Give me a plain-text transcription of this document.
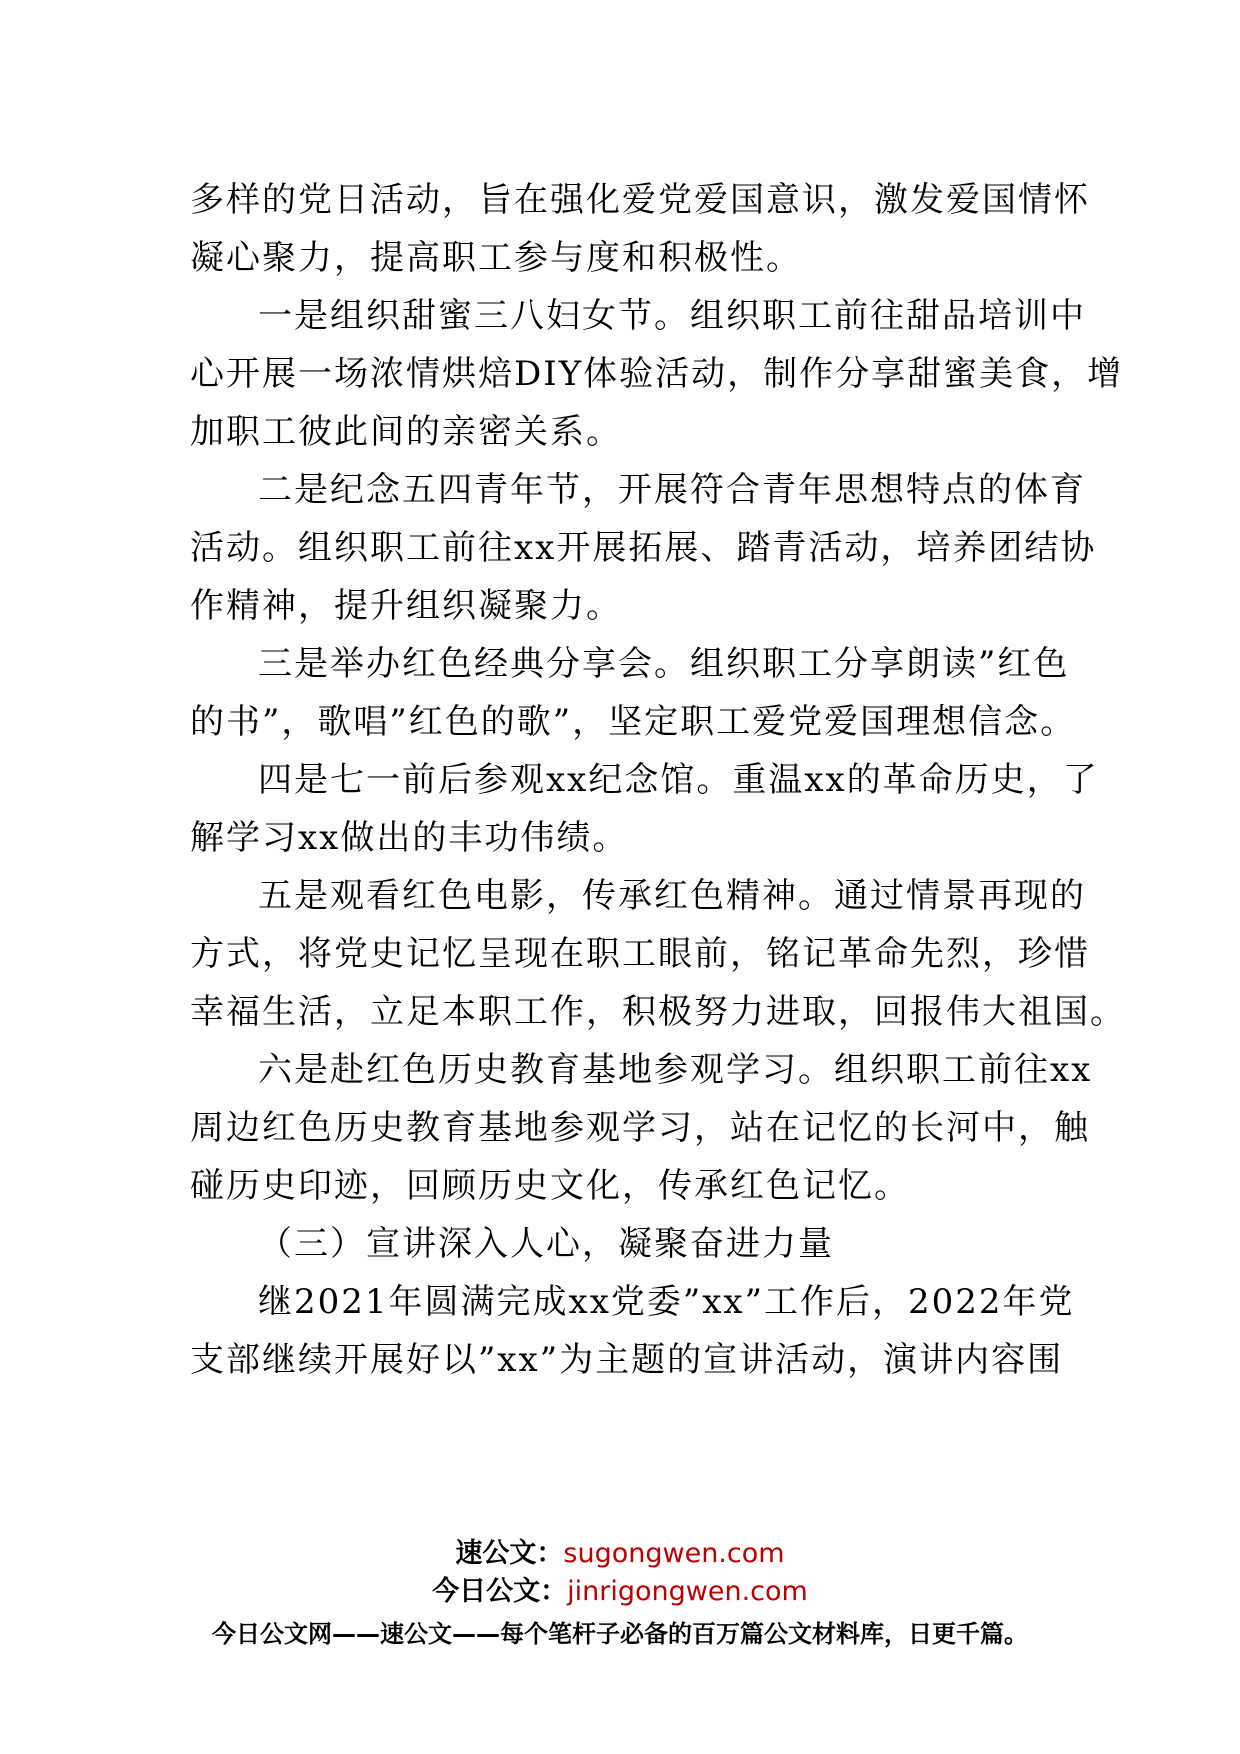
多样的党日活动，旨在强化爱党爱国意识，激发爱国情怀
凝心聚力，提高职工参与度和积极性。
一是组织甜蜜三八妇女节。组织职工前往甜品培训中
心开展一场浓情烘焙DIY体验活动，制作分享甜蜜美食，增
加职工彼此间的亲密关系。
二是纪念五四青年节，开展符合青年思想特点的体育
活动。组织职工前往xx开展拓展、踏青活动，培养团结协
作精神，提升组织凝聚力。
三是举办红色经典分享会。组织职工分享朗读”红色
的书”，歌唱”红色的歌”，坚定职工爱党爱国理想信念。
四是七一前后参观xx纪念馆。重温xx的革命历史，了
解学习xx做出的丰功伟绩。
五是观看红色电影，传承红色精神。通过情景再现的
方式，将党史记忆呈现在职工眼前，铭记革命先烈，珍惜
幸福生活，立足本职工作，积极努力进取，回报伟大祖国。
六是赴红色历史教育基地参观学习。组织职工前往xx
周边红色历史教育基地参观学习，站在记忆的长河中，触
碰历史印迹，回顾历史文化，传承红色记忆。
（三）宣讲深入人心，凝聚奋进力量
继2021年圆满完成xx党委”xx”工作后，2022年党
支部继续开展好以”xx”为主题的宣讲活动，演讲内容围
速公文：sugongwen.com
今日公文：jinrigongwen.com
今日公文网——速公文——每个笔杆子必备的百万篇公文材料库，日更千篇。
